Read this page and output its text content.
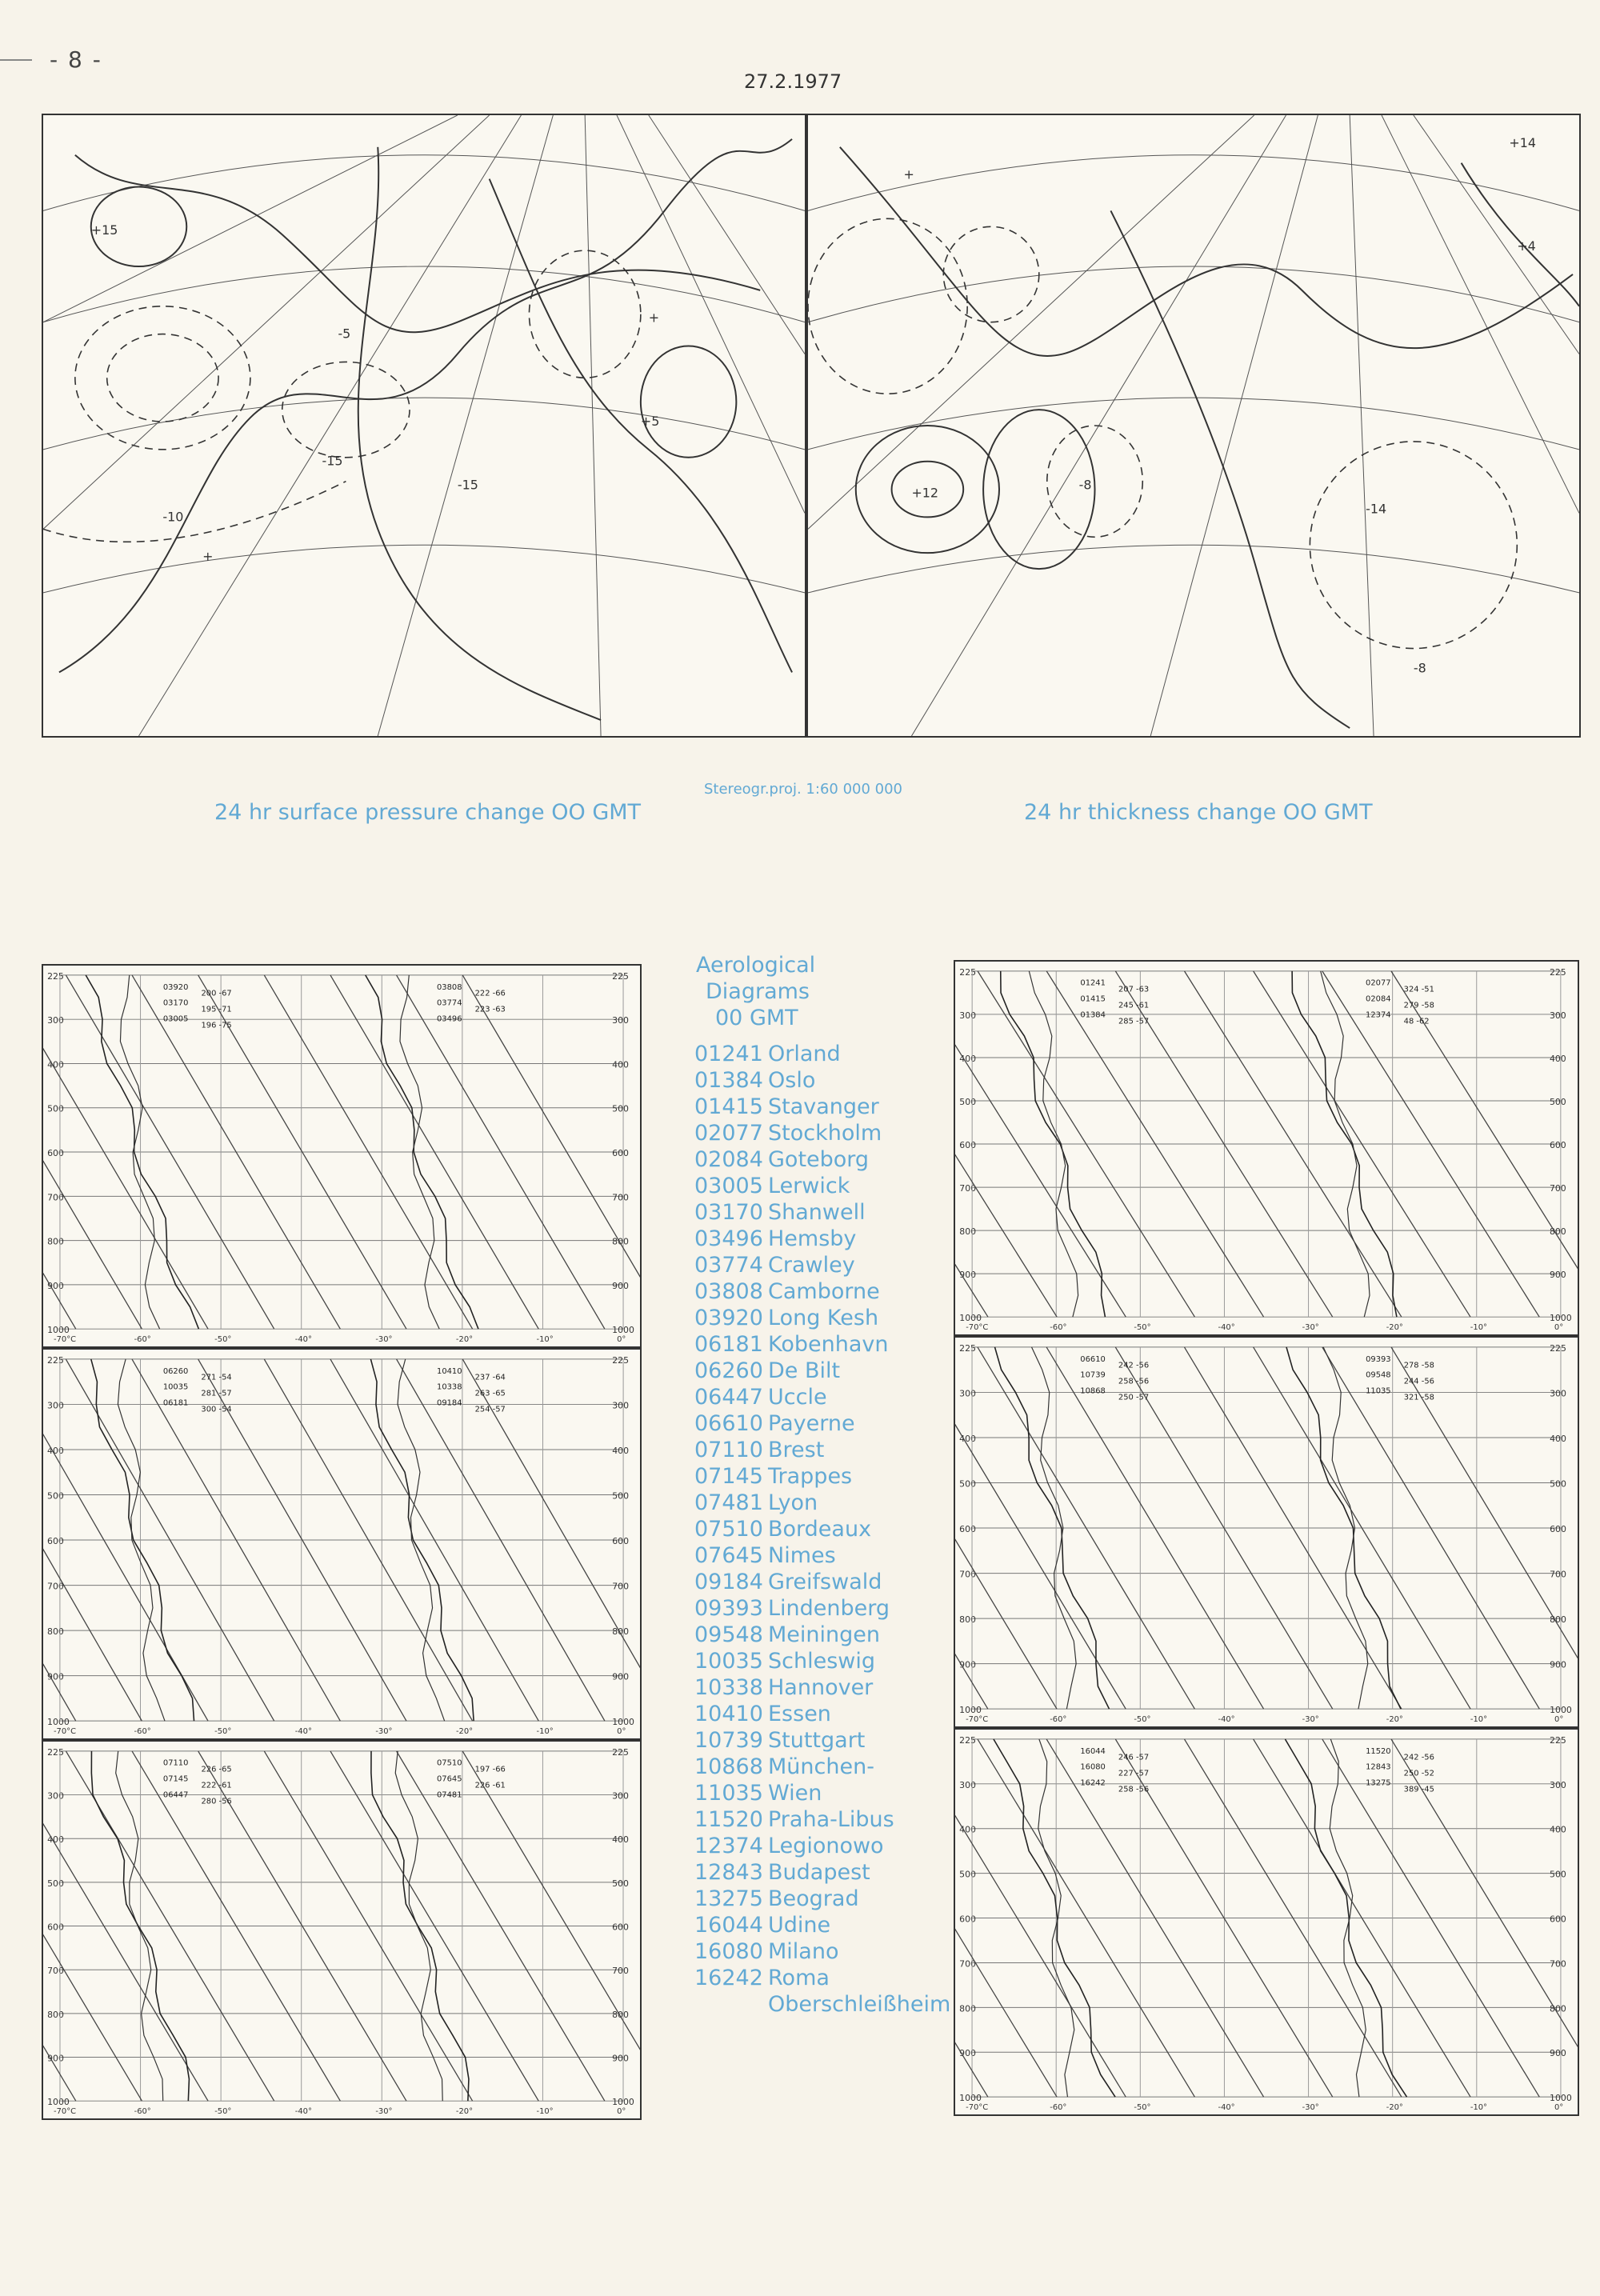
- 8 -
27.2.1977
+15
-15
-10
-5
+5
-15
+
+
+12
-8
-14
-8
+
+14
+4
24 hr surface pressure change OO GMT
Stereogr.proj. 1:60 000 000
24 hr thickness change OO GMT
Aerological
Diagrams
00 GMT
01241 Orland
01384 Oslo
01415 Stavanger
02077 Stockholm
02084 Goteborg
03005 Lerwick
03170 Shanwell
03496 Hemsby
03774 Crawley
03808 Camborne
03920 Long Kesh
06181 Kobenhavn
06260 De Bilt
06447 Uccle
06610 Payerne
07110 Brest
07145 Trappes
07481 Lyon
07510 Bordeaux
07645 Nimes
09184 Greifswald
09393 Lindenberg
09548 Meiningen
10035 Schleswig
10338 Hannover
10410 Essen
10739 Stuttgart
10868 München-
11035 Wien
11520 Praha-Libus
12374 Legionowo
12843 Budapest
13275 Beograd
16044 Udine
16080 Milano
16242 Roma
Oberschleißheim
225	225
300	300
400	400
500	500
600	600
700	700
800	800
900	900
1000	1000
-70°C	-60°	-50°	-40°	-30°	-20°	-10°	0°
03920
200 -67
03170
195 -71
03005
196 -75
03808
222 -66
03774
223 -63
03496
225	225
300	300
400	400
500	500
600	600
700	700
800	800
900	900
1000	1000
-70°C	-60°	-50°	-40°	-30°	-20°	-10°	0°
06260
271 -54
10035
281 -57
06181
300 -54
10410
237 -64
10338
263 -65
09184
254 -57
225	225
300	300
400	400
500	500
600	600
700	700
800	800
900	900
1000	1000
-70°C	-60°	-50°	-40°	-30°	-20°	-10°	0°
07110
226 -65
07145
222 -61
06447
280 -56
07510
197 -66
07645
226 -61
07481
225	225
300	300
400	400
500	500
600	600
700	700
800	800
900	900
1000	1000
-70°C	-60°	-50°	-40°	-30°	-20°	-10°	0°
01241
207 -63
01415
245 -61
01384
285 -57
02077
324 -51
02084
279 -58
12374
48 -62
225	225
300	300
400	400
500	500
600	600
700	700
800	800
900	900
1000	1000
-70°C	-60°	-50°	-40°	-30°	-20°	-10°	0°
06610
242 -56
10739
258 -56
10868
250 -57
09393
278 -58
09548
244 -56
11035
321 -58
225	225
300	300
400	400
500	500
600	600
700	700
800	800
900	900
1000	1000
-70°C	-60°	-50°	-40°	-30°	-20°	-10°	0°
16044
246 -57
16080
227 -57
16242
258 -56
11520
242 -56
12843
250 -52
13275
389 -45
